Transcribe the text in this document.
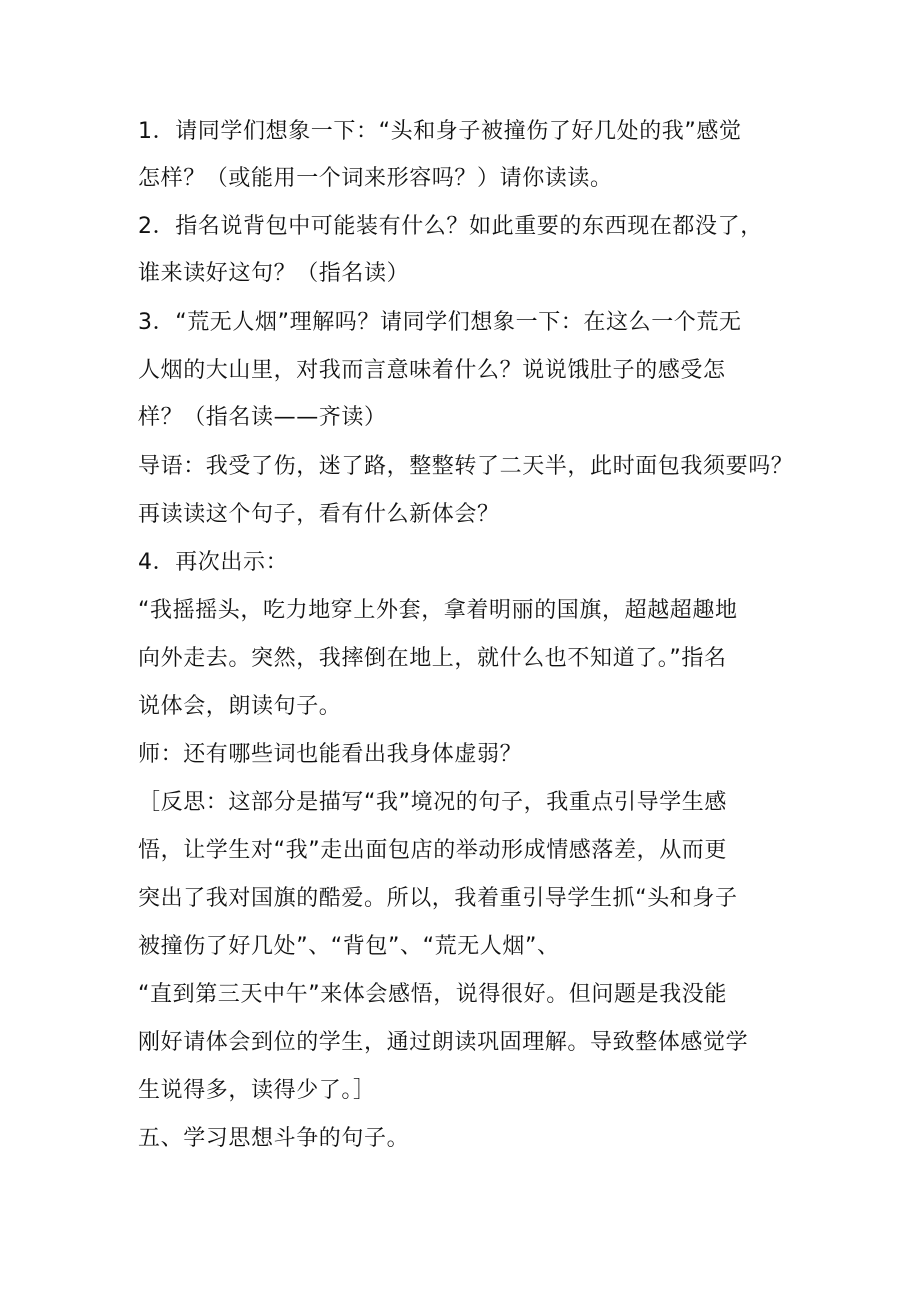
1．请同学们想象一下：“头和身子被撞伤了好几处的我”感觉
怎样？（或能用一个词来形容吗？）请你读读。
2．指名说背包中可能装有什么？如此重要的东西现在都没了，
谁来读好这句？（指名读）
3．“荒无人烟”理解吗？请同学们想象一下：在这么一个荒无
人烟的大山里，对我而言意味着什么？说说饿肚子的感受怎
样？（指名读——齐读）
导语：我受了伤，迷了路，整整转了二天半，此时面包我须要吗？
再读读这个句子，看有什么新体会？
4．再次出示：
“我摇摇头，吃力地穿上外套，拿着明丽的国旗，超越超趣地
向外走去。突然，我摔倒在地上，就什么也不知道了。”指名
说体会，朗读句子。
师：还有哪些词也能看出我身体虚弱？
［反思：这部分是描写“我”境况的句子，我重点引导学生感
悟，让学生对“我”走出面包店的举动形成情感落差，从而更
突出了我对国旗的酷爱。所以，我着重引导学生抓“头和身子
被撞伤了好几处”、“背包”、“荒无人烟”、
“直到第三天中午”来体会感悟，说得很好。但问题是我没能
刚好请体会到位的学生，通过朗读巩固理解。导致整体感觉学
生说得多，读得少了。］
五、学习思想斗争的句子。
